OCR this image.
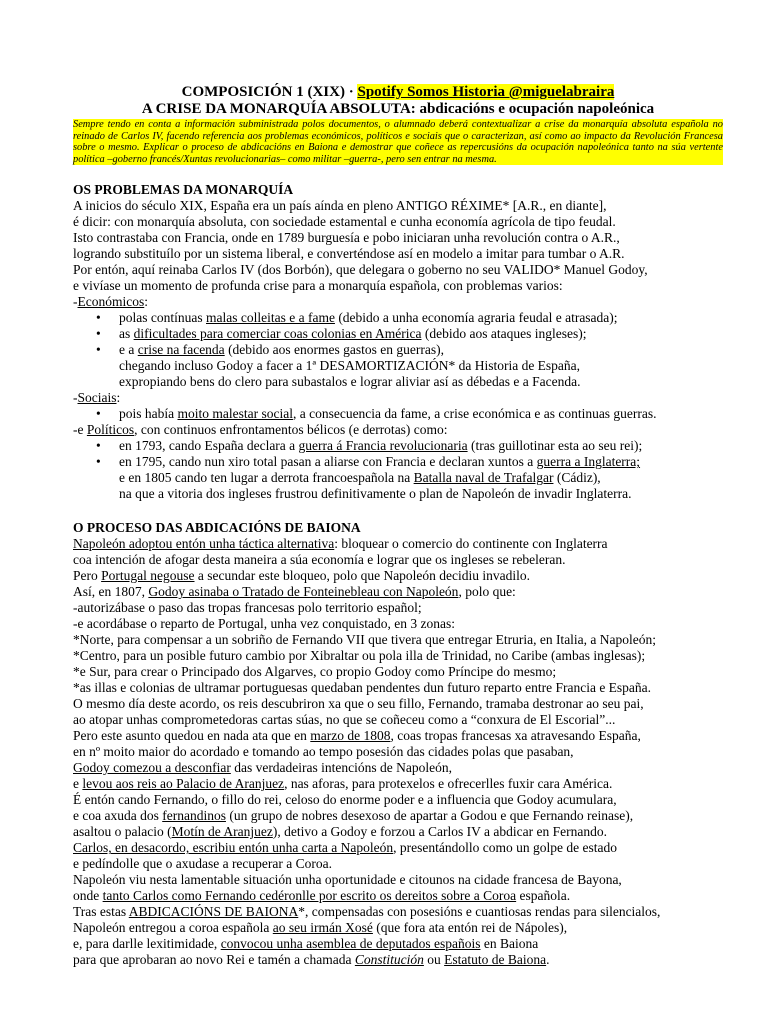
COMPOSICIÓN 1 (XIX) · Spotify Somos Historia @miguelabraira
A CRISE DA MONARQUÍA ABSOLUTA: abdicacións e ocupación napoleónica

Sempre tendo en conta a información subministrada polos documentos, o alumnado deberá contextualizar a crise da monarquía absoluta española no reinado de Carlos IV, facendo referencia aos problemas económicos, políticos e sociais que o caracterizan, así como ao impacto da Revolución Francesa sobre o mesmo. Explicar o proceso de abdicacións en Baiona e demostrar que coñece as repercusións da ocupación napoleónica tanto na súa vertente política –goberno francés/Xuntas revolucionarias– como militar –guerra-, pero sen entrar na mesma.

OS PROBLEMAS DA MONARQUÍA
A inicios do século XIX, España era un país aínda en pleno ANTIGO RÉXIME* [A.R., en diante],
é dicir: con monarquía absoluta, con sociedade estamental e cunha economía agrícola de tipo feudal.
Isto contrastaba con Francia, onde en 1789 burguesía e pobo iniciaran unha revolución contra o A.R.,
logrando substituílo por un sistema liberal, e converténdose así en modelo a imitar para tumbar o A.R.
Por entón, aquí reinaba Carlos IV (dos Borbón), que delegara o goberno no seu VALIDO* Manuel Godoy,
e vivíase un momento de profunda crise para a monarquía española, con problemas varios:
-Económicos:
• polas contínuas malas colleitas e a fame (debido a unha economía agraria feudal e atrasada);
• as dificultades para comerciar coas colonias en América (debido aos ataques ingleses);
• e a crise na facenda (debido aos enormes gastos en guerras),
chegando incluso Godoy a facer a 1ª DESAMORTIZACIÓN* da Historia de España,
expropiando bens do clero para subastalos e lograr aliviar así as débedas e a Facenda.
-Sociais:
• pois había moito malestar social, a consecuencia da fame, a crise económica e as continuas guerras.
-e Políticos, con continuos enfrontamentos bélicos (e derrotas) como:
• en 1793, cando España declara a guerra á Francia revolucionaria (tras guillotinar esta ao seu rei);
• en 1795, cando nun xiro total pasan a aliarse con Francia e declaran xuntos a guerra a Inglaterra;
e en 1805 cando ten lugar a derrota francoespañola na Batalla naval de Trafalgar (Cádiz),
na que a vitoria dos ingleses frustrou definitivamente o plan de Napoleón de invadir Inglaterra.
O PROCESO DAS ABDICACIÓNS DE BAIONA
Napoleón adoptou entón unha táctica alternativa: bloquear o comercio do continente con Inglaterra
coa intención de afogar desta maneira a súa economía e lograr que os ingleses se rebeleran.
Pero Portugal negouse a secundar este bloqueo, polo que Napoleón decidiu invadilo.
Así, en 1807, Godoy asinaba o Tratado de Fonteinebleau con Napoleón, polo que:
-autorizábase o paso das tropas francesas polo territorio español;
-e acordábase o reparto de Portugal, unha vez conquistado, en 3 zonas:
*Norte, para compensar a un sobriño de Fernando VII que tivera que entregar Etruria, en Italia, a Napoleón;
*Centro, para un posible futuro cambio por Xibraltar ou pola illa de Trinidad, no Caribe (ambas inglesas);
*e Sur, para crear o Principado dos Algarves, co propio Godoy como Príncipe do mesmo;
*as illas e colonias de ultramar portuguesas quedaban pendentes dun futuro reparto entre Francia e España.
O mesmo día deste acordo, os reis descubriron xa que o seu fillo, Fernando, tramaba destronar ao seu pai,
ao atopar unhas comprometedoras cartas súas, no que se coñeceu como a “conxura de El Escorial”...
Pero este asunto quedou en nada ata que en marzo de 1808, coas tropas francesas xa atravesando España,
en nº moito maior do acordado e tomando ao tempo posesión das cidades polas que pasaban,
Godoy comezou a desconfiar das verdadeiras intencións de Napoleón,
e levou aos reis ao Palacio de Aranjuez, nas aforas, para protexelos e ofrecerlles fuxir cara América.
É entón cando Fernando, o fillo do rei, celoso do enorme poder e a influencia que Godoy acumulara,
e coa axuda dos fernandinos (un grupo de nobres desexoso de apartar a Godou e que Fernando reinase),
asaltou o palacio (Motín de Aranjuez), detivo a Godoy e forzou a Carlos IV a abdicar en Fernando.
Carlos, en desacordo, escribiu entón unha carta a Napoleón, presentándollo como un golpe de estado
e pedíndolle que o axudase a recuperar a Coroa.
Napoleón viu nesta lamentable situación unha oportunidade e citounos na cidade francesa de Bayona,
onde tanto Carlos como Fernando cedéronlle por escrito os dereitos sobre a Coroa española.
Tras estas ABDICACIÓNS DE BAIONA*, compensadas con posesións e cuantiosas rendas para silencialos,
Napoleón entregou a coroa española ao seu irmán Xosé (que fora ata entón rei de Nápoles),
e, para darlle lexitimidade, convocou unha asemblea de deputados españois en Baiona
para que aprobaran ao novo Rei e tamén a chamada Constitución ou Estatuto de Baiona.
